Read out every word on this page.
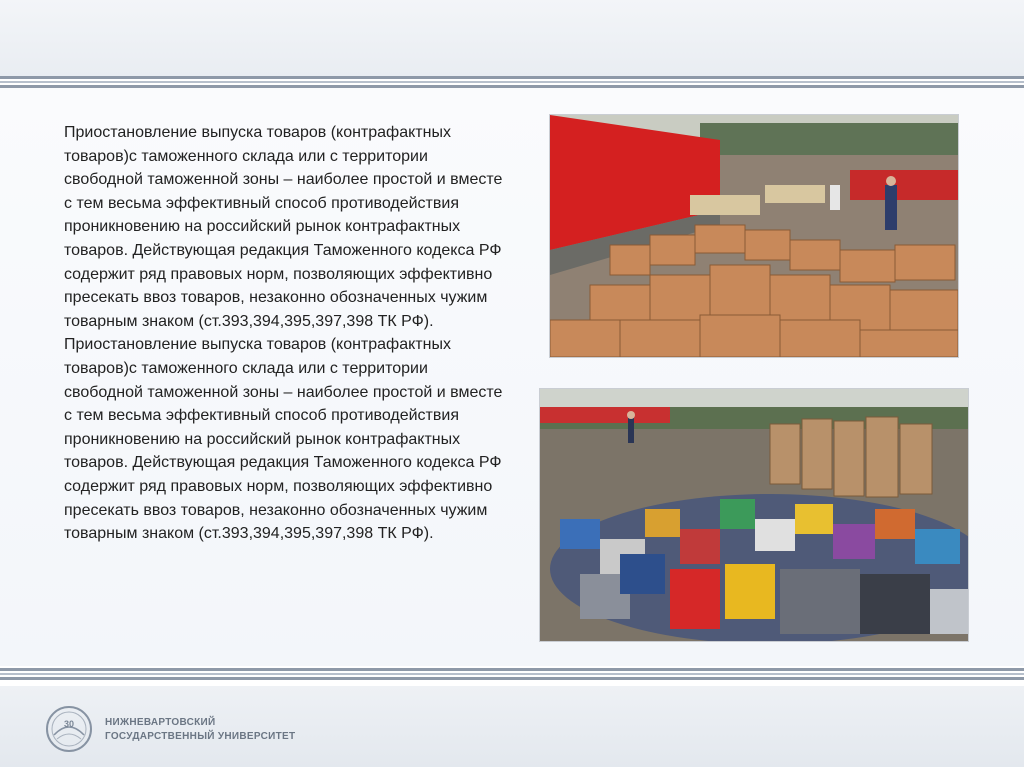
Приостановление выпуска товаров (контрафактных товаров)с таможенного склада или с территории свободной таможенной зоны – наиболее простой и вместе с тем весьма эффективный способ противодействия проникновению на российский рынок контрафактных товаров. Действующая редакция Таможенного кодекса РФ содержит ряд правовых норм, позволяющих эффективно пресекать ввоз товаров, незаконно обозначенных чужим товарным знаком (ст.393,394,395,397,398 ТК РФ).

Приостановление выпуска товаров (контрафактных товаров)с таможенного склада или с территории свободной таможенной зоны – наиболее простой и вместе с тем весьма эффективный способ противодействия проникновению на российский рынок контрафактных товаров. Действующая редакция Таможенного кодекса РФ содержит ряд правовых норм, позволяющих эффективно пресекать ввоз товаров, незаконно обозначенных чужим товарным знаком (ст.393,394,395,397,398 ТК РФ).

30	НИЖНЕВАРТОВСКИЙ
ГОСУДАРСТВЕННЫЙ УНИВЕРСИТЕТ
